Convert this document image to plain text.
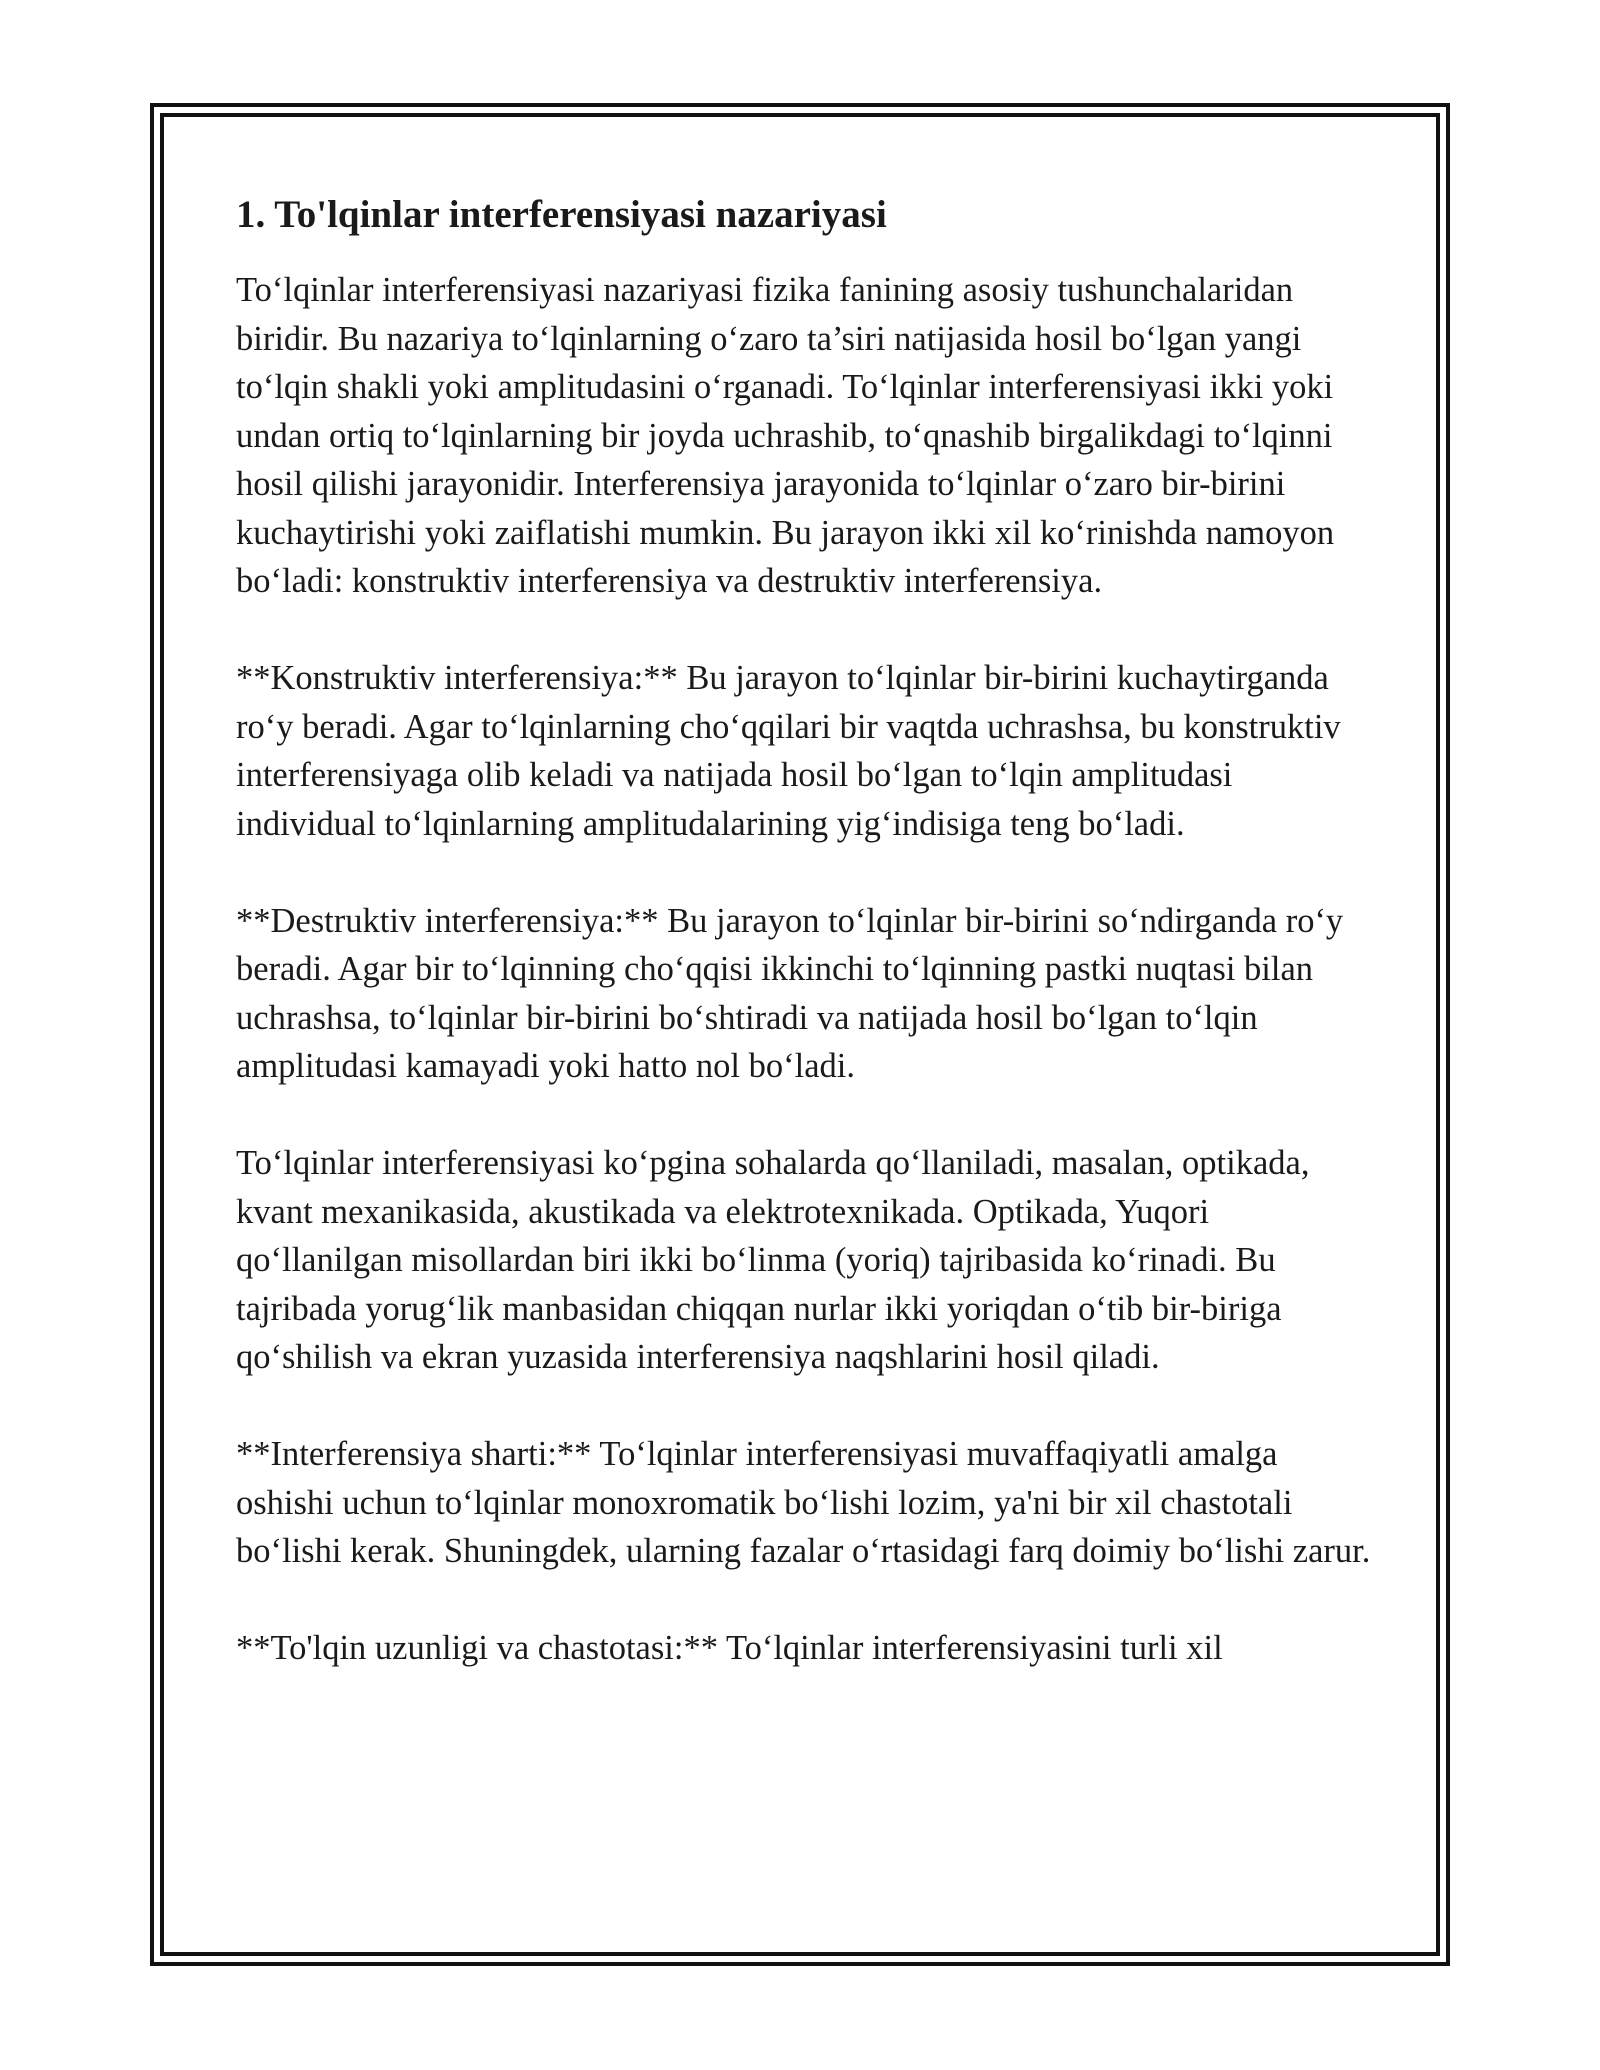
1. To'lqinlar interferensiyasi nazariyasi

To‘lqinlar interferensiyasi nazariyasi fizika fanining asosiy tushunchalaridan biridir. Bu nazariya to‘lqinlarning o‘zaro ta’siri natijasida hosil bo‘lgan yangi to‘lqin shakli yoki amplitudasini o‘rganadi. To‘lqinlar interferensiyasi ikki yoki undan ortiq to‘lqinlarning bir joyda uchrashib, to‘qnashib birgalikdagi to‘lqinni hosil qilishi jarayonidir. Interferensiya jarayonida to‘lqinlar o‘zaro bir-birini kuchaytirishi yoki zaiflatishi mumkin. Bu jarayon ikki xil ko‘rinishda namoyon bo‘ladi: konstruktiv interferensiya va destruktiv interferensiya.

**Konstruktiv interferensiya:** Bu jarayon to‘lqinlar bir-birini kuchaytirganda ro‘y beradi. Agar to‘lqinlarning cho‘qqilari bir vaqtda uchrashsa, bu konstruktiv interferensiyaga olib keladi va natijada hosil bo‘lgan to‘lqin amplitudasi individual to‘lqinlarning amplitudalarining yig‘indisiga teng bo‘ladi.

**Destruktiv interferensiya:** Bu jarayon to‘lqinlar bir-birini so‘ndirganda ro‘y beradi. Agar bir to‘lqinning cho‘qqisi ikkinchi to‘lqinning pastki nuqtasi bilan uchrashsa, to‘lqinlar bir-birini bo‘shtiradi va natijada hosil bo‘lgan to‘lqin amplitudasi kamayadi yoki hatto nol bo‘ladi.

To‘lqinlar interferensiyasi ko‘pgina sohalarda qo‘llaniladi, masalan, optikada, kvant mexanikasida, akustikada va elektrotexnikada. Optikada, Yuqori qo‘llanilgan misollardan biri ikki bo‘linma (yoriq) tajribasida ko‘rinadi. Bu tajribada yorug‘lik manbasidan chiqqan nurlar ikki yoriqdan o‘tib bir-biriga qo‘shilish va ekran yuzasida interferensiya naqshlarini hosil qiladi.

**Interferensiya sharti:** To‘lqinlar interferensiyasi muvaffaqiyatli amalga oshishi uchun to‘lqinlar monoxromatik bo‘lishi lozim, ya'ni bir xil chastotali bo‘lishi kerak. Shuningdek, ularning fazalar o‘rtasidagi farq doimiy bo‘lishi zarur.

**To'lqin uzunligi va chastotasi:** To‘lqinlar interferensiyasini turli xil
